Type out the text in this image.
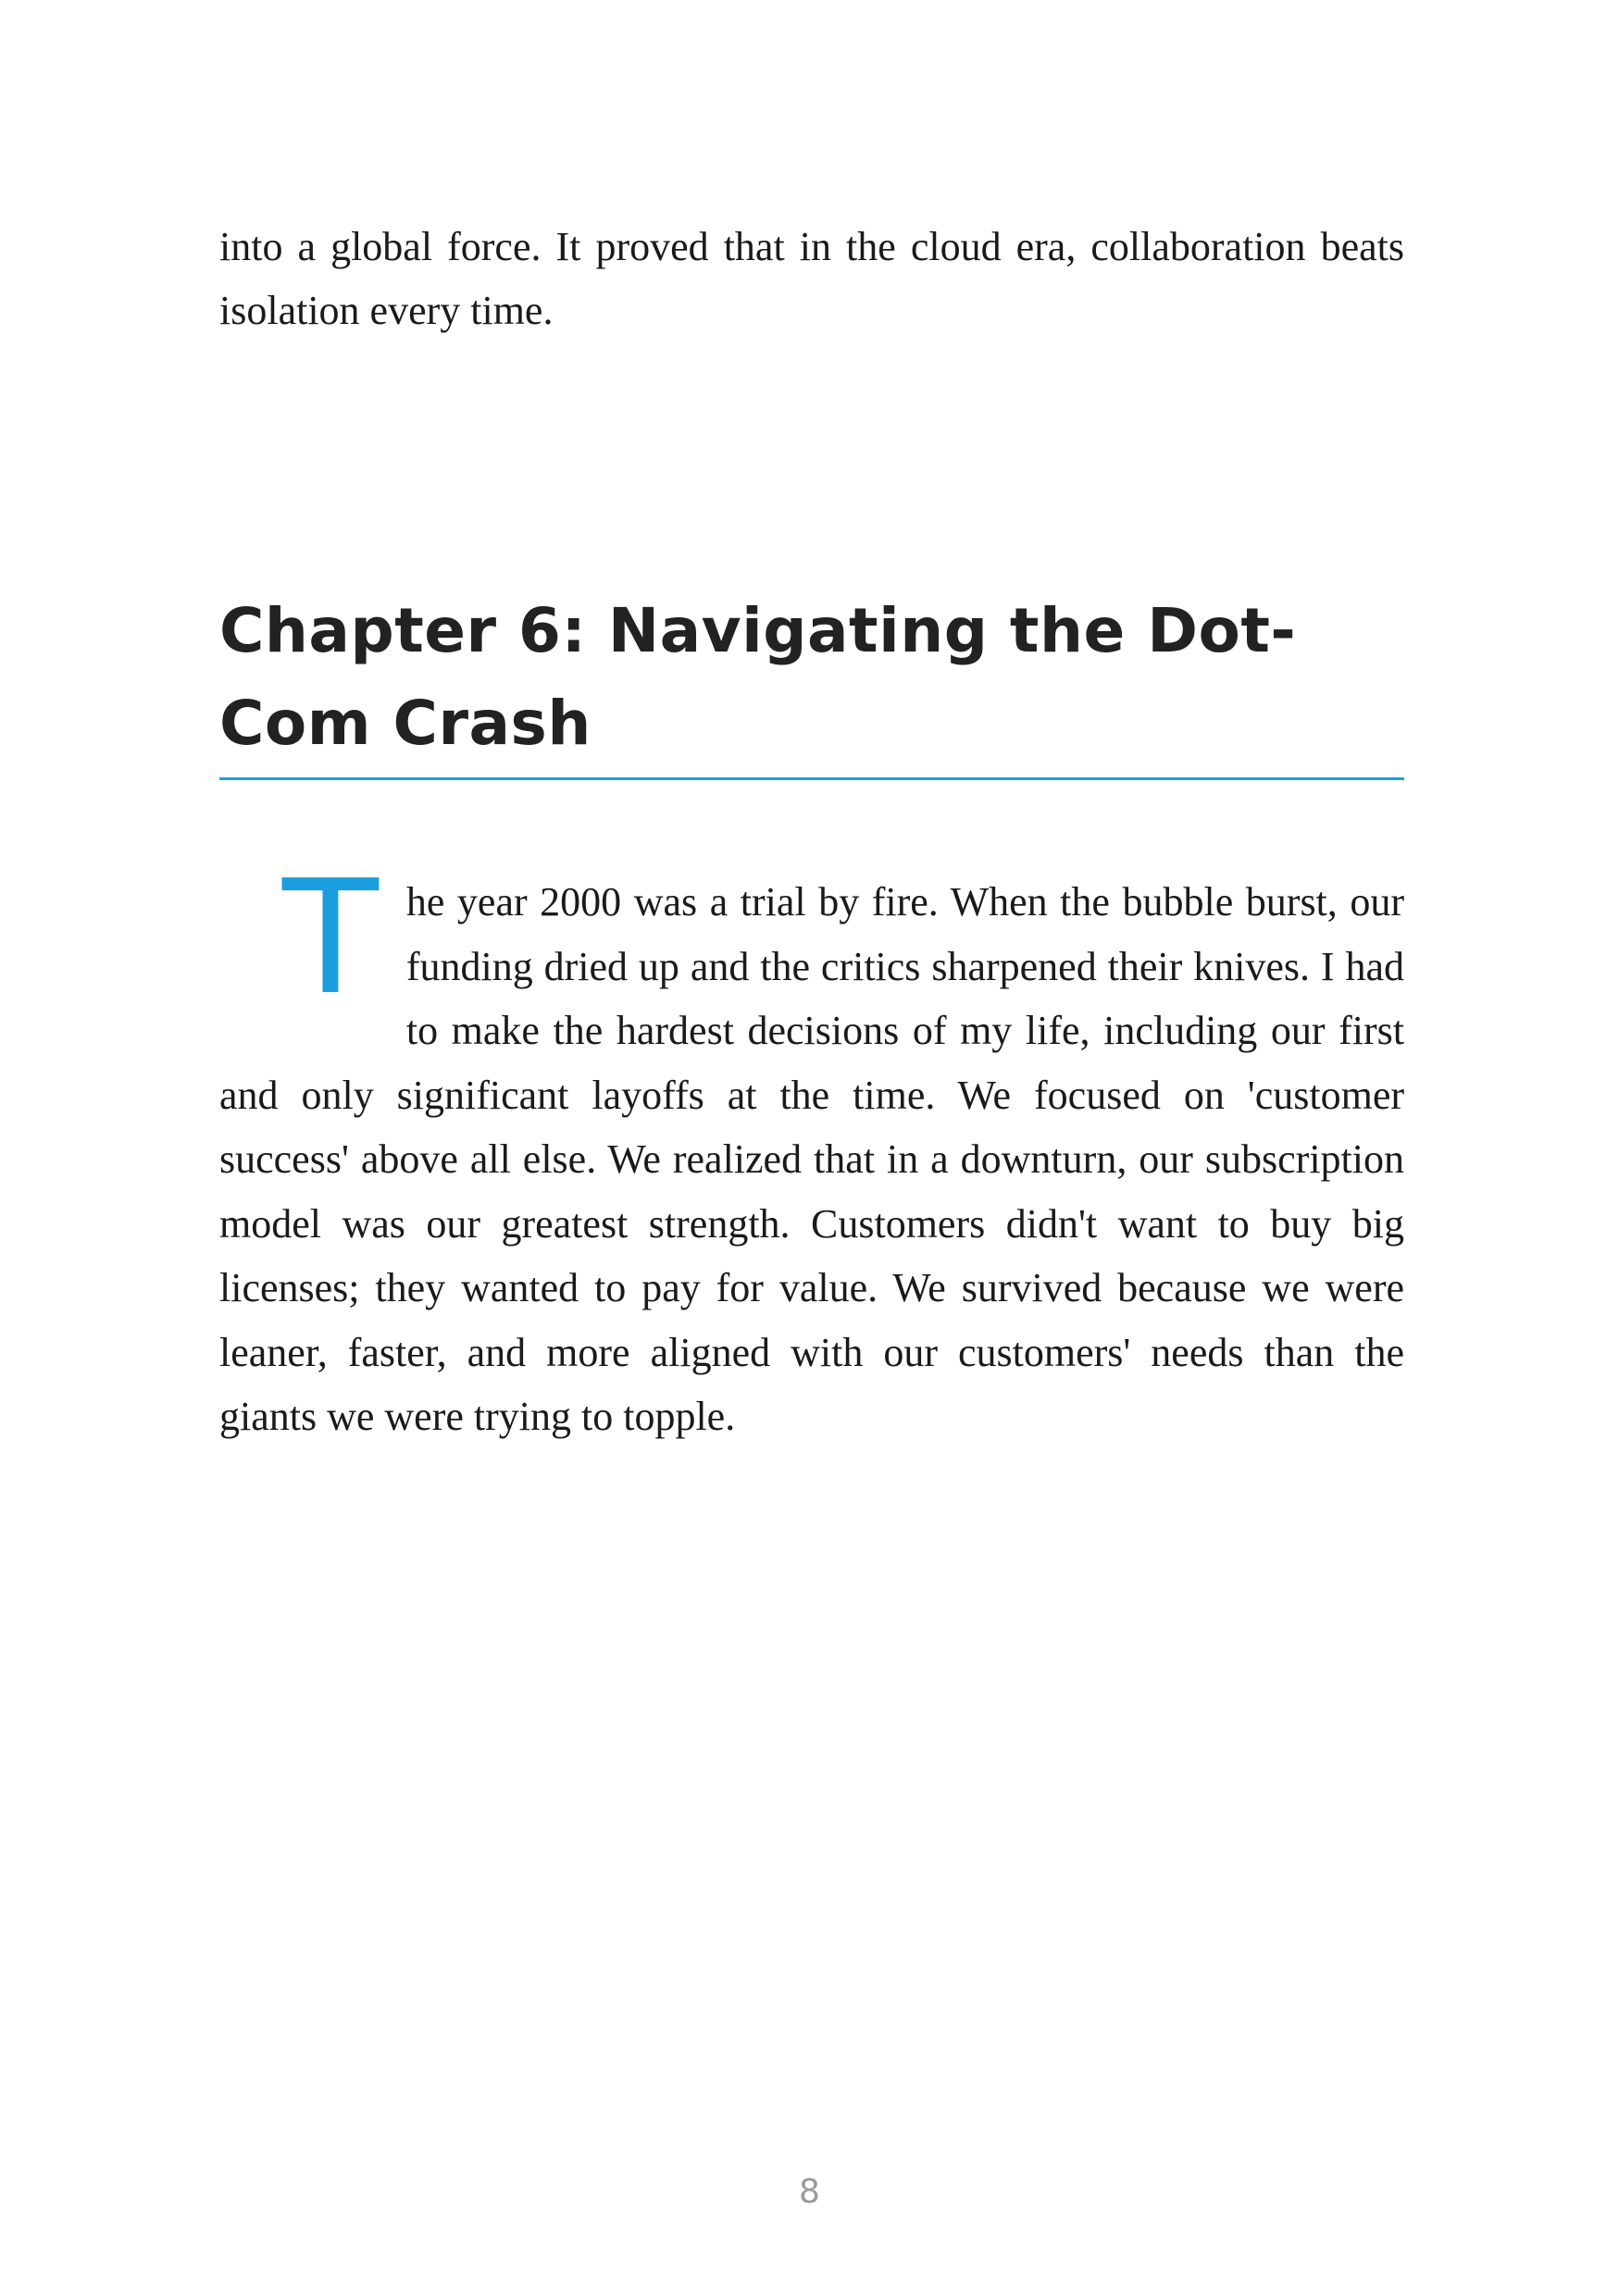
into a global force. It proved that in the cloud era, collaboration beats isolation every time.

Chapter 6: Navigating the Dot-Com Crash

The year 2000 was a trial by fire. When the bubble burst, our funding dried up and the critics sharpened their knives. I had to make the hardest decisions of my life, including our first and only significant layoffs at the time. We focused on 'customer success' above all else. We realized that in a downturn, our subscription model was our greatest strength. Customers didn't want to buy big licenses; they wanted to pay for value. We survived because we were leaner, faster, and more aligned with our customers' needs than the giants we were trying to topple.

8
